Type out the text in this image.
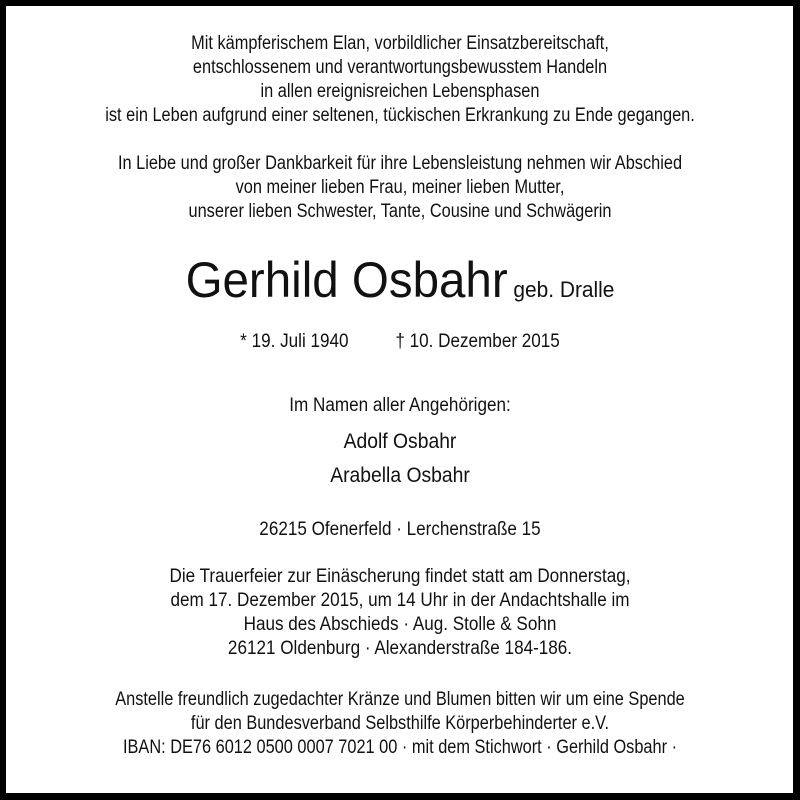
Mit kämpferischem Elan, vorbildlicher Einsatzbereitschaft,
entschlossenem und verantwortungsbewusstem Handeln
in allen ereignisreichen Lebensphasen
ist ein Leben aufgrund einer seltenen, tückischen Erkrankung zu Ende gegangen.
In Liebe und großer Dankbarkeit für ihre Lebensleistung nehmen wir Abschied
von meiner lieben Frau, meiner lieben Mutter,
unserer lieben Schwester, Tante, Cousine und Schwägerin
Gerhild Osbahr geb. Dralle
* 19. Juli 1940 † 10. Dezember 2015
Im Namen aller Angehörigen:
Adolf Osbahr
Arabella Osbahr
26215 Ofenerfeld · Lerchenstraße 15
Die Trauerfeier zur Einäscherung findet statt am Donnerstag,
dem 17. Dezember 2015, um 14 Uhr in der Andachtshalle im
Haus des Abschieds · Aug. Stolle & Sohn
26121 Oldenburg · Alexanderstraße 184-186.
Anstelle freundlich zugedachter Kränze und Blumen bitten wir um eine Spende
für den Bundesverband Selbsthilfe Körperbehinderter e.V.
IBAN: DE76 6012 0500 0007 7021 00 · mit dem Stichwort · Gerhild Osbahr ·
